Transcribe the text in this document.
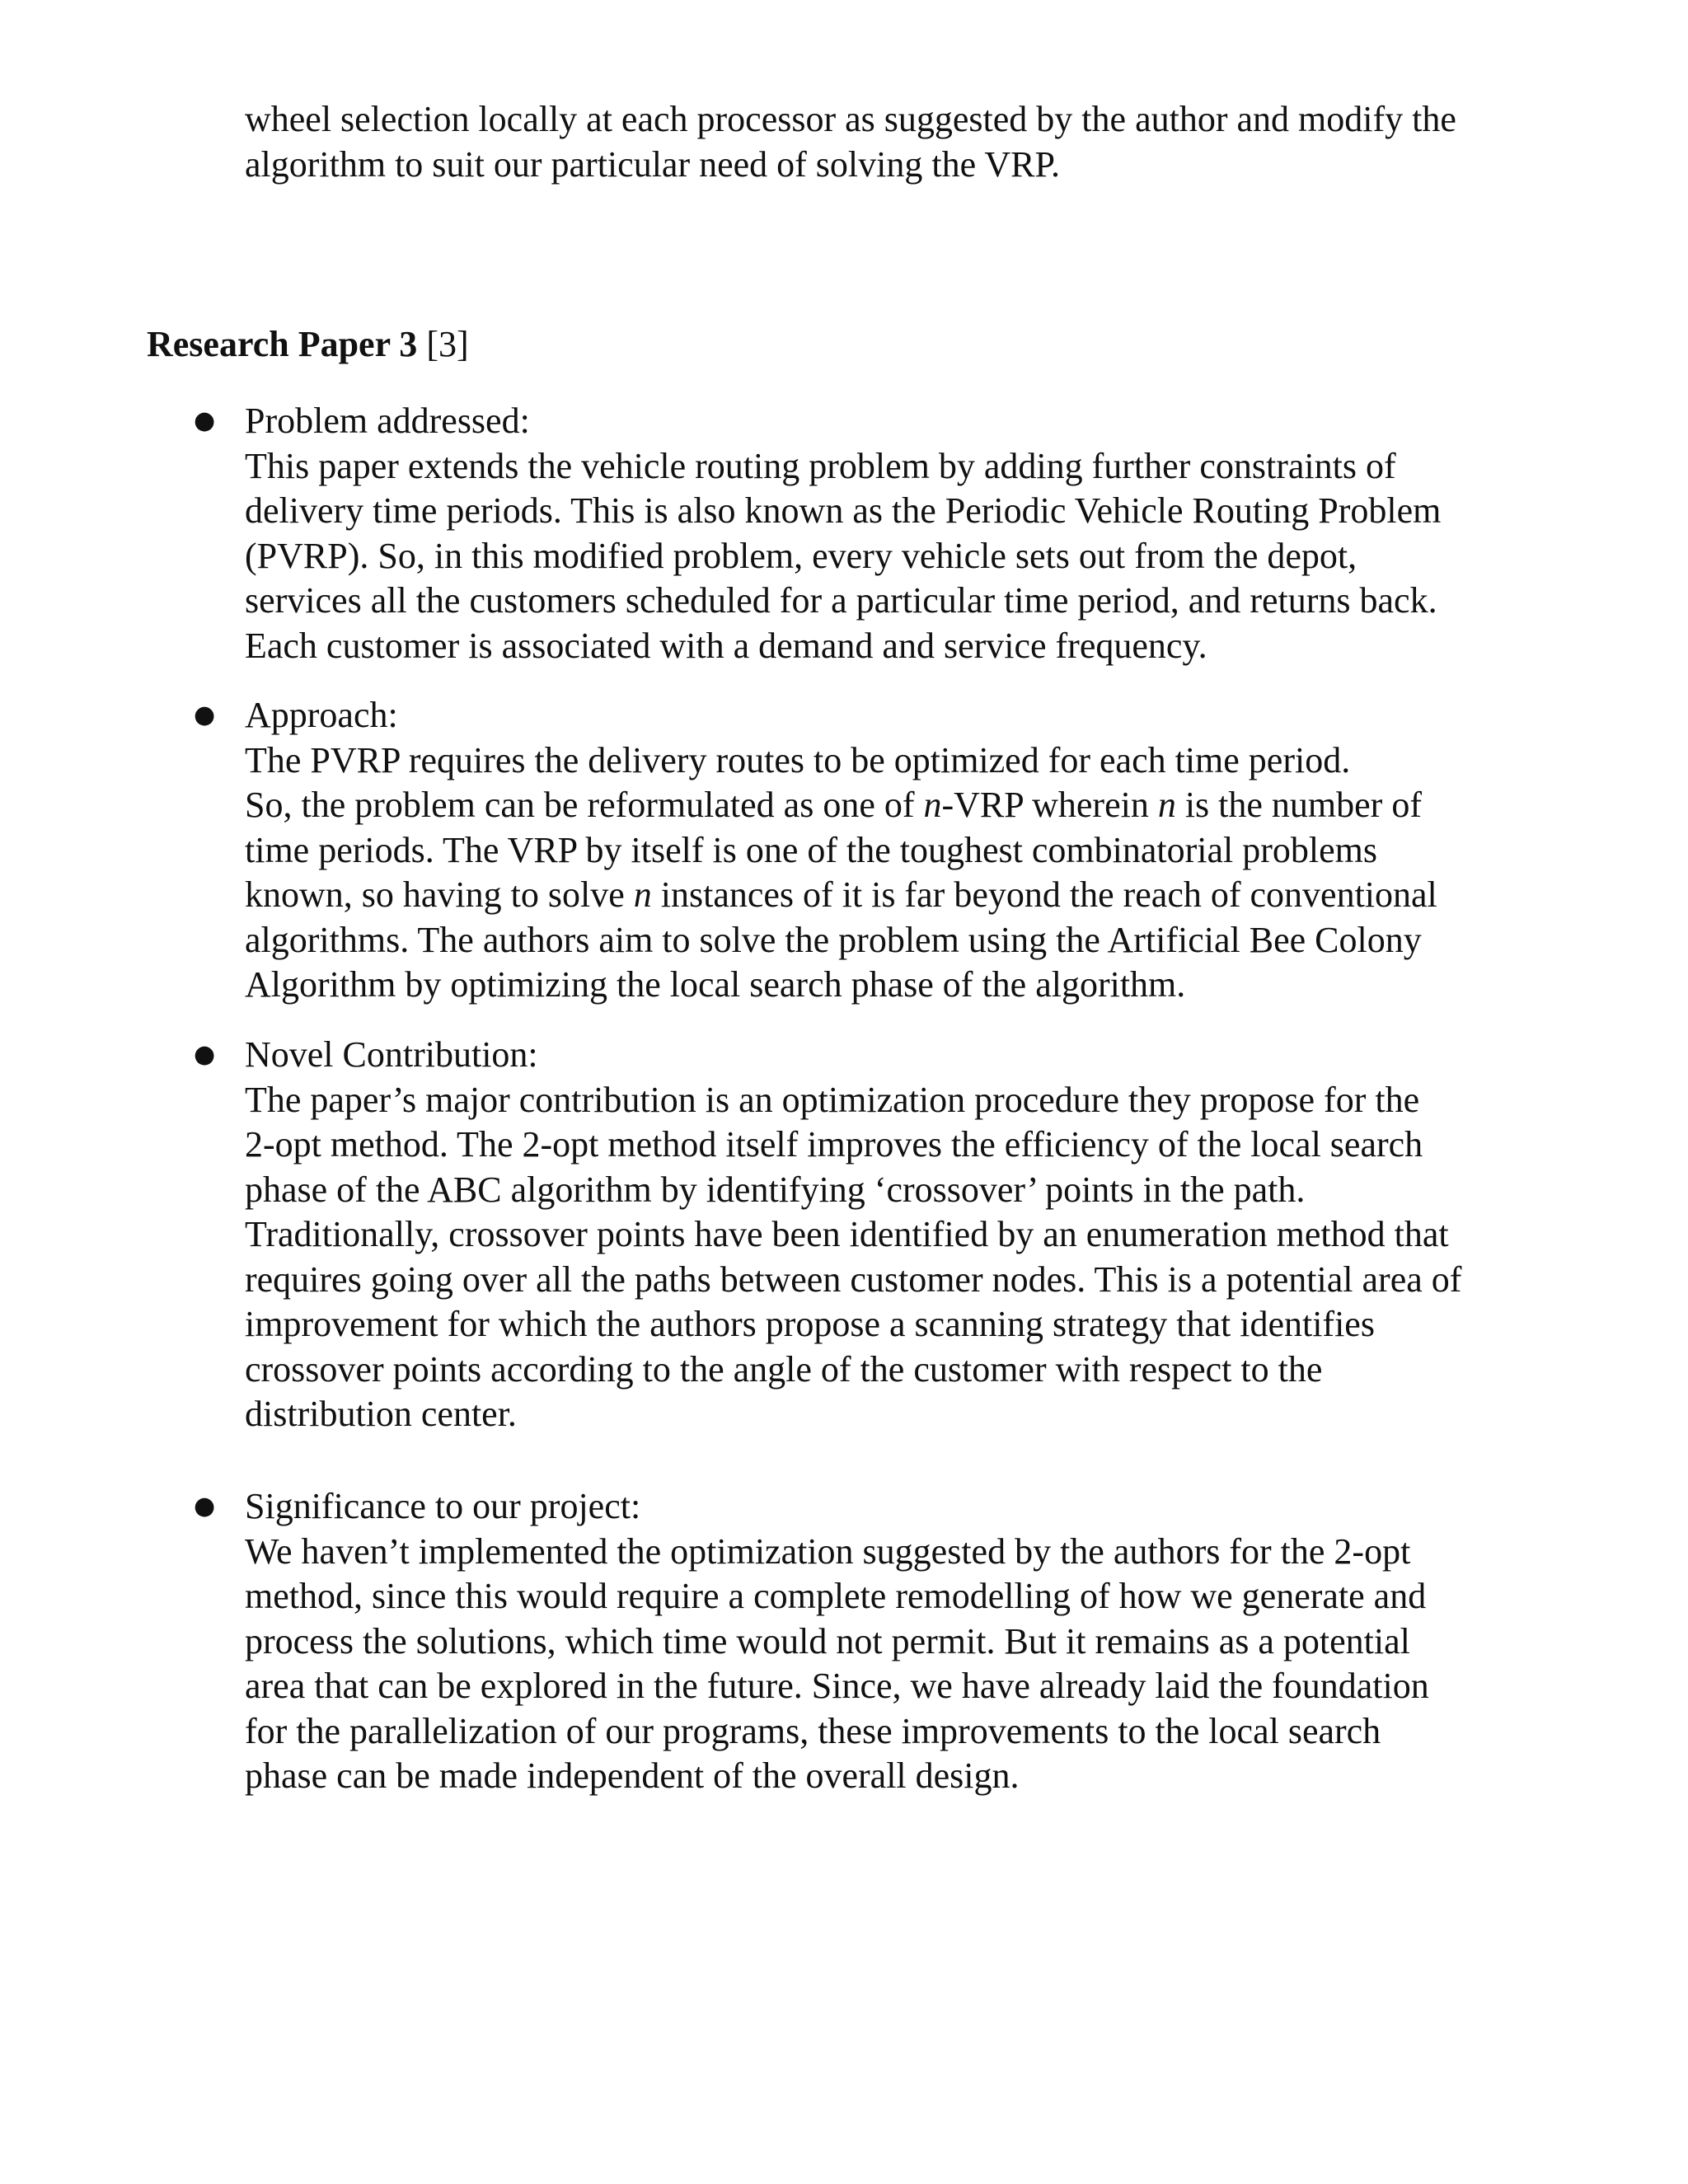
wheel selection locally at each processor as suggested by the author and modify the
algorithm to suit our particular need of solving the VRP.

Research Paper 3 [3]
● Problem addressed:
This paper extends the vehicle routing problem by adding further constraints of
delivery time periods. This is also known as the Periodic Vehicle Routing Problem
(PVRP). So, in this modified problem, every vehicle sets out from the depot,
services all the customers scheduled for a particular time period, and returns back.
Each customer is associated with a demand and service frequency.
● Approach:
The PVRP requires the delivery routes to be optimized for each time period.
So, the problem can be reformulated as one of n-VRP wherein n is the number of
time periods. The VRP by itself is one of the toughest combinatorial problems
known, so having to solve n instances of it is far beyond the reach of conventional
algorithms. The authors aim to solve the problem using the Artificial Bee Colony
Algorithm by optimizing the local search phase of the algorithm.
● Novel Contribution:
The paper’s major contribution is an optimization procedure they propose for the
2-opt method. The 2-opt method itself improves the efficiency of the local search
phase of the ABC algorithm by identifying ‘crossover’ points in the path.
Traditionally, crossover points have been identified by an enumeration method that
requires going over all the paths between customer nodes. This is a potential area of
improvement for which the authors propose a scanning strategy that identifies
crossover points according to the angle of the customer with respect to the
distribution center.
● Significance to our project:
We haven’t implemented the optimization suggested by the authors for the 2-opt
method, since this would require a complete remodelling of how we generate and
process the solutions, which time would not permit. But it remains as a potential
area that can be explored in the future. Since, we have already laid the foundation
for the parallelization of our programs, these improvements to the local search
phase can be made independent of the overall design.
